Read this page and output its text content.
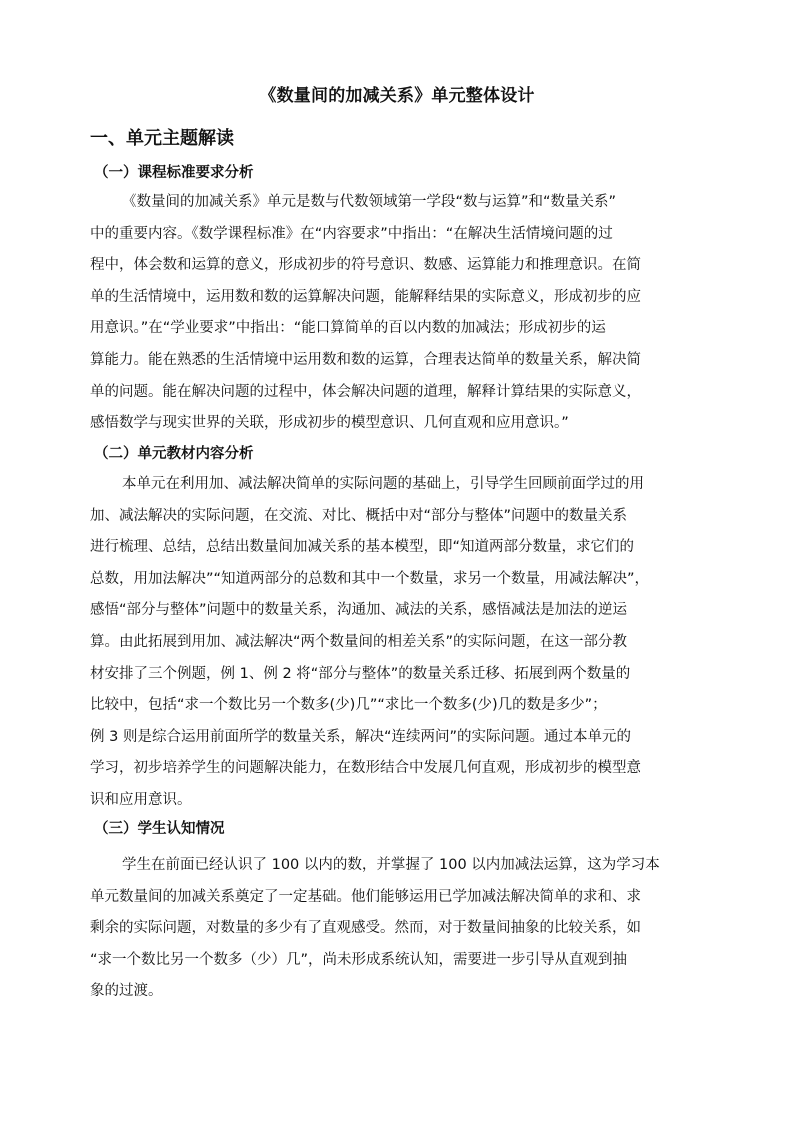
《数量间的加减关系》单元整体设计
一、单元主题解读
（一）课程标准要求分析
《数量间的加减关系》单元是数与代数领域第一学段“数与运算”和“数量关系”
中的重要内容。《数学课程标准》在“内容要求”中指出：“在解决生活情境问题的过
程中，体会数和运算的意义，形成初步的符号意识、数感、运算能力和推理意识。在简
单的生活情境中，运用数和数的运算解决问题，能解释结果的实际意义，形成初步的应
用意识。”在“学业要求”中指出：“能口算简单的百以内数的加减法；形成初步的运
算能力。能在熟悉的生活情境中运用数和数的运算，合理表达简单的数量关系，解决简
单的问题。能在解决问题的过程中，体会解决问题的道理，解释计算结果的实际意义，
感悟数学与现实世界的关联，形成初步的模型意识、几何直观和应用意识。”
（二）单元教材内容分析
本单元在利用加、减法解决简单的实际问题的基础上，引导学生回顾前面学过的用
加、减法解决的实际问题，在交流、对比、概括中对“部分与整体”问题中的数量关系
进行梳理、总结，总结出数量间加减关系的基本模型，即“知道两部分数量，求它们的
总数，用加法解决”“知道两部分的总数和其中一个数量，求另一个数量，用减法解决”，
感悟“部分与整体”问题中的数量关系，沟通加、减法的关系，感悟减法是加法的逆运
算。由此拓展到用加、减法解决“两个数量间的相差关系”的实际问题，在这一部分教
材安排了三个例题，例 1、例 2 将“部分与整体”的数量关系迁移、拓展到两个数量的
比较中，包括“求一个数比另一个数多(少)几”“求比一个数多(少)几的数是多少”；
例 3 则是综合运用前面所学的数量关系，解决“连续两问”的实际问题。通过本单元的
学习，初步培养学生的问题解决能力，在数形结合中发展几何直观，形成初步的模型意
识和应用意识。
（三）学生认知情况
学生在前面已经认识了 100 以内的数，并掌握了 100 以内加减法运算，这为学习本
单元数量间的加减关系奠定了一定基础。他们能够运用已学加减法解决简单的求和、求
剩余的实际问题，对数量的多少有了直观感受。然而，对于数量间抽象的比较关系，如
“求一个数比另一个数多（少）几”，尚未形成系统认知，需要进一步引导从直观到抽
象的过渡。
